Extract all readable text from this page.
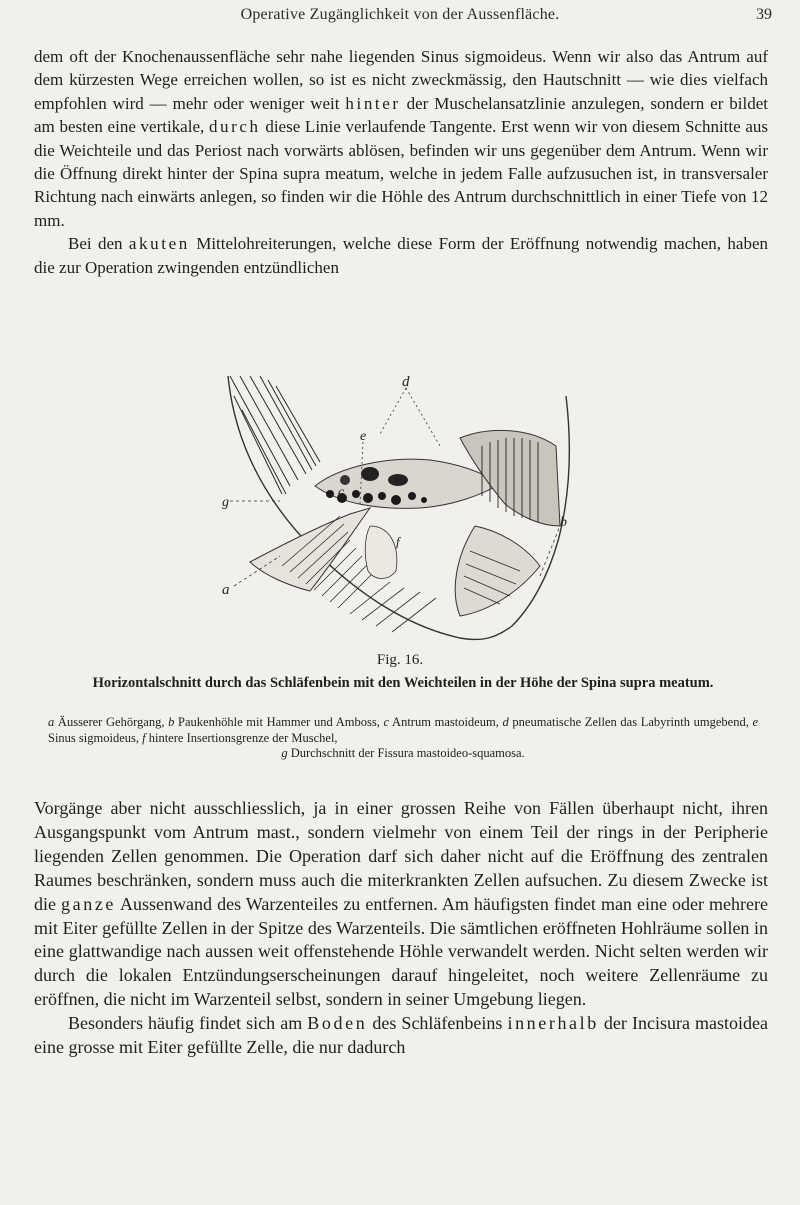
Operative Zugänglichkeit von der Aussenfläche.	39

dem oft der Knochenaussenfläche sehr nahe liegenden Sinus sigmoideus. Wenn wir also das Antrum auf dem kürzesten Wege erreichen wollen, so ist es nicht zweckmässig, den Hautschnitt — wie dies vielfach empfohlen wird — mehr oder weniger weit hinter der Muschelansatzlinie anzulegen, sondern er bildet am besten eine vertikale, durch diese Linie verlaufende Tangente. Erst wenn wir von diesem Schnitte aus die Weichteile und das Periost nach vorwärts ablösen, befinden wir uns gegenüber dem Antrum. Wenn wir die Öffnung direkt hinter der Spina supra meatum, welche in jedem Falle aufzusuchen ist, in transversaler Richtung nach einwärts anlegen, so finden wir die Höhle des Antrum durchschnittlich in einer Tiefe von 12 mm.

Bei den akuten Mittelohreiterungen, welche diese Form der Eröffnung notwendig machen, haben die zur Operation zwingenden entzündlichen

d
e
g
c
b
f
a
Fig. 16.
Horizontalschnitt durch das Schläfenbein mit den Weichteilen in der Höhe der Spina supra meatum.
a Äusserer Gehörgang, b Paukenhöhle mit Hammer und Amboss, c Antrum mastoideum, d pneumatische Zellen das Labyrinth umgebend, e Sinus sigmoideus, f hintere Insertionsgrenze der Muschel,
g Durchschnitt der Fissura mastoideo-squamosa.

Vorgänge aber nicht ausschliesslich, ja in einer grossen Reihe von Fällen überhaupt nicht, ihren Ausgangspunkt vom Antrum mast., sondern vielmehr von einem Teil der rings in der Peripherie liegenden Zellen genommen. Die Operation darf sich daher nicht auf die Eröffnung des zentralen Raumes beschränken, sondern muss auch die miterkrankten Zellen aufsuchen. Zu diesem Zwecke ist die ganze Aussenwand des Warzenteiles zu entfernen. Am häufigsten findet man eine oder mehrere mit Eiter gefüllte Zellen in der Spitze des Warzenteils. Die sämtlichen eröffneten Hohlräume sollen in eine glattwandige nach aussen weit offenstehende Höhle verwandelt werden. Nicht selten werden wir durch die lokalen Entzündungserscheinungen darauf hingeleitet, noch weitere Zellenräume zu eröffnen, die nicht im Warzenteil selbst, sondern in seiner Umgebung liegen.

Besonders häufig findet sich am Boden des Schläfenbeins innerhalb der Incisura mastoidea eine grosse mit Eiter gefüllte Zelle, die nur dadurch
